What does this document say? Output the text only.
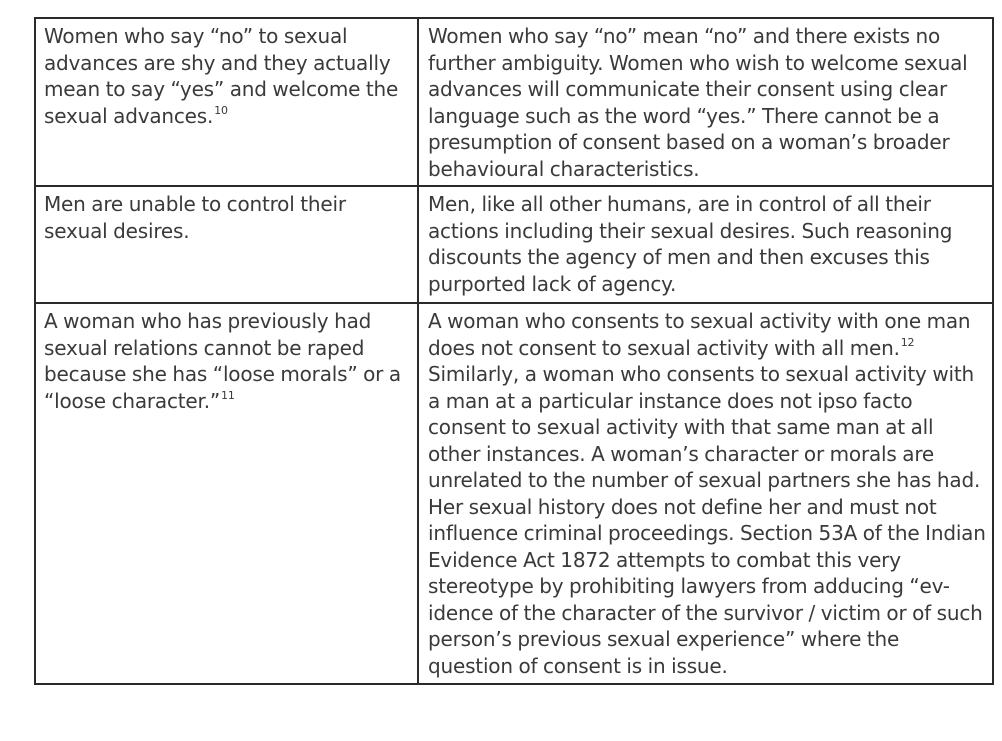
Women who say “no” to sexual advances are shy and they actually mean to say “yes” and welcome the sexual advances.$^{10}$	Women who say “no” mean “no” and there exists no further ambiguity. Women who wish to welcome sexual advances will communicate their consent using clear language such as the word “yes.” There cannot be a presumption of consent based on a woman’s broader behavioural characteristics.
Men are unable to control their sexual desires.	Men, like all other humans, are in control of all their actions including their sexual desires. Such reasoning discounts the agency of men and then excuses this purported lack of agency.
A woman who has previously had sexual relations cannot be raped because she has “loose morals” or a “loose character.”$^{11}$	A woman who consents to sexual activity with one man does not consent to sexual activity with all men.$^{12}$ Similarly, a woman who consents to sexual activity with a man at a particular instance does not ipso facto consent to sexual activity with that same man at all other instances. A woman’s character or morals are unrelated to the number of sexual partners she has had. Her sexual history does not define her and must not influence criminal proceedings. Section 53A of the Indian Evidence Act 1872 attempts to combat this very stereotype by prohibiting lawyers from adducing “ev-idence of the character of the survivor / victim or of such person’s previous sexual experience” where the question of consent is in issue.
